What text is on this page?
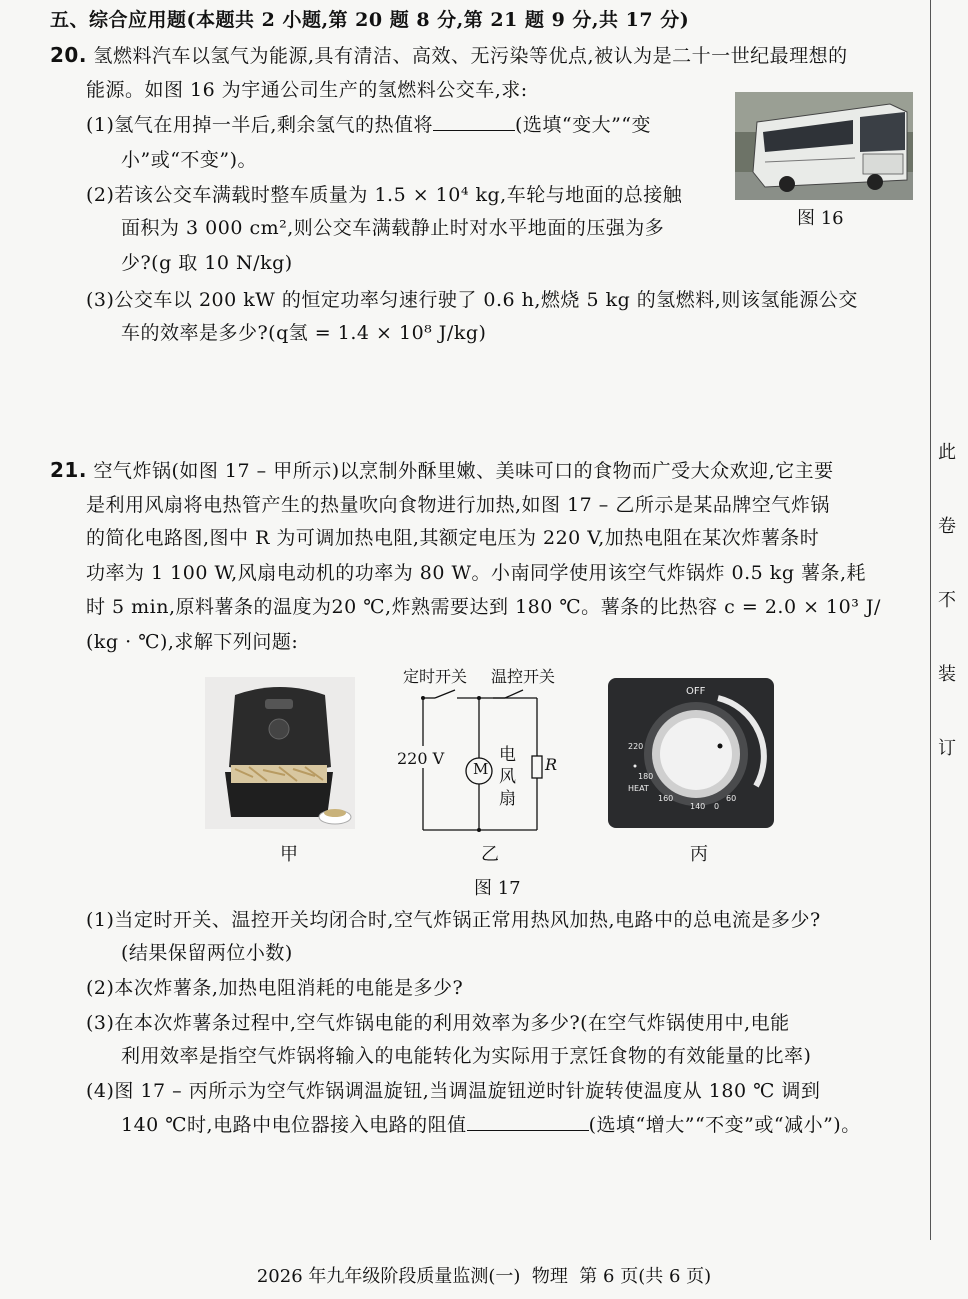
五、综合应用题(本题共 2 小题,第 20 题 8 分,第 21 题 9 分,共 17 分)
20. 氢燃料汽车以氢气为能源,具有清洁、高效、无污染等优点,被认为是二十一世纪最理想的
能源。如图 16 为宇通公司生产的氢燃料公交车,求:
(1)氢气在用掉一半后,剩余氢气的热值将	(选填“变大”“变
小”或“不变”)。
(2)若该公交车满载时整车质量为 1.5 × 10⁴ kg,车轮与地面的总接触
面积为 3 000 cm²,则公交车满载静止时对水平地面的压强为多
少?(g 取 10 N/kg)
(3)公交车以 200 kW 的恒定功率匀速行驶了 0.6 h,燃烧 5 kg 的氢燃料,则该氢能源公交
车的效率是多少?(q氢 = 1.4 × 10⁸ J/kg)
图 16
21. 空气炸锅(如图 17 – 甲所示)以烹制外酥里嫩、美味可口的食物而广受大众欢迎,它主要
是利用风扇将电热管产生的热量吹向食物进行加热,如图 17 – 乙所示是某品牌空气炸锅
的简化电路图,图中 R 为可调加热电阻,其额定电压为 220 V,加热电阻在某次炸薯条时
功率为 1 100 W,风扇电动机的功率为 80 W。小南同学使用该空气炸锅炸 0.5 kg 薯条,耗
时 5 min,原料薯条的温度为20 ℃,炸熟需要达到 180 ℃。薯条的比热容 c = 2.0 × 10³ J/
(kg · ℃),求解下列问题:
定时开关 温控开关
220 V
M
电
风
扇
R
OFF
220
180
HEAT
160
140 0
60
甲	乙	丙
图 17
(1)当定时开关、温控开关均闭合时,空气炸锅正常用热风加热,电路中的总电流是多少?
(结果保留两位小数)
(2)本次炸薯条,加热电阻消耗的电能是多少?
(3)在本次炸薯条过程中,空气炸锅电能的利用效率为多少?(在空气炸锅使用中,电能
利用效率是指空气炸锅将输入的电能转化为实际用于烹饪食物的有效能量的比率)
(4)图 17 – 丙所示为空气炸锅调温旋钮,当调温旋钮逆时针旋转使温度从 180 ℃ 调到
140 ℃时,电路中电位器接入电路的阻值	(选填“增大”“不变”或“减小”)。
此
卷
不
装
订
2026 年九年级阶段质量监测(一)  物理  第 6 页(共 6 页)
